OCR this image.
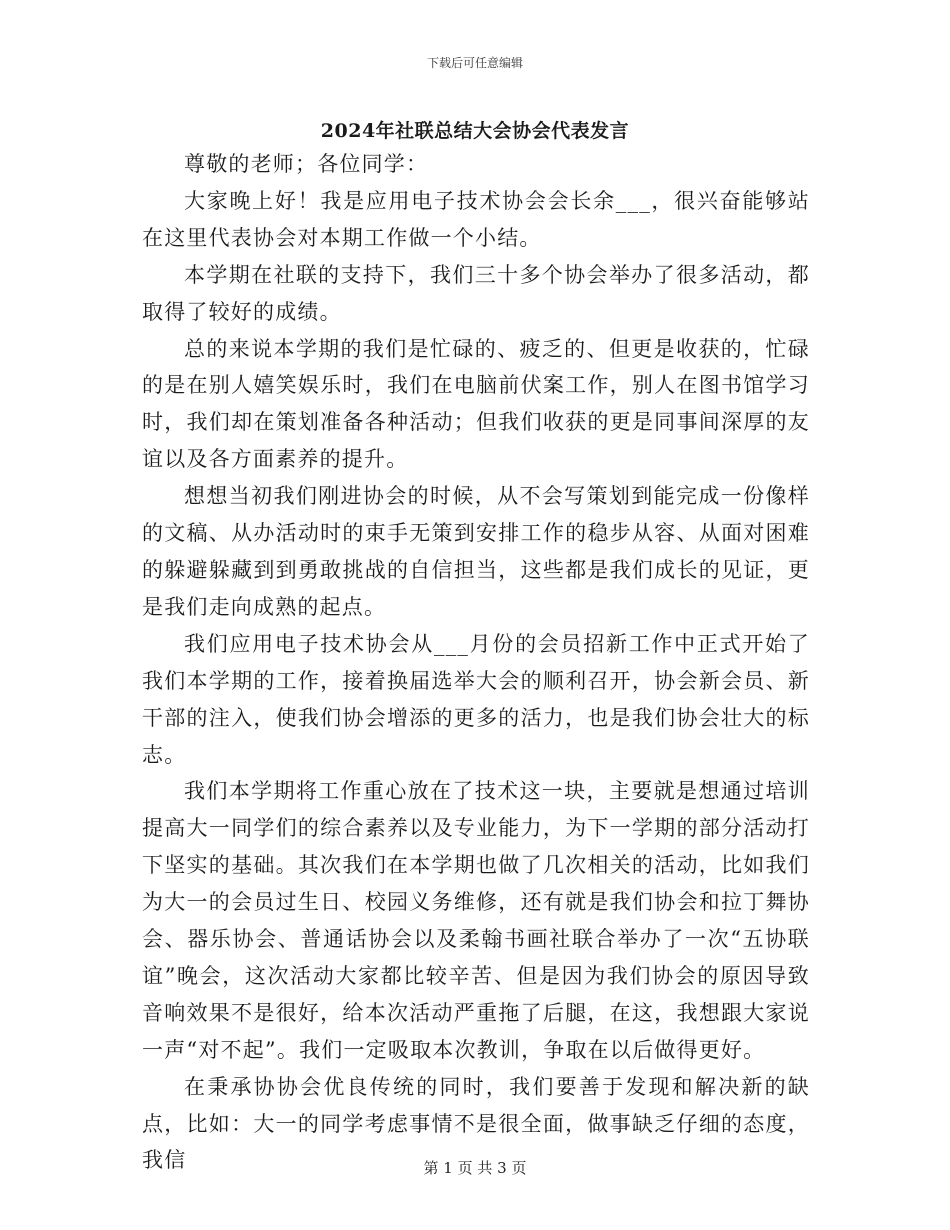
下载后可任意编辑
2024年社联总结大会协会代表发言

尊敬的老师；各位同学：

大家晚上好！我是应用电子技术协会会长余___，很兴奋能够站在这里代表协会对本期工作做一个小结。

本学期在社联的支持下，我们三十多个协会举办了很多活动，都取得了较好的成绩。

总的来说本学期的我们是忙碌的、疲乏的、但更是收获的，忙碌的是在别人嬉笑娱乐时，我们在电脑前伏案工作，别人在图书馆学习时，我们却在策划准备各种活动；但我们收获的更是同事间深厚的友谊以及各方面素养的提升。

想想当初我们刚进协会的时候，从不会写策划到能完成一份像样的文稿、从办活动时的束手无策到安排工作的稳步从容、从面对困难的躲避躲藏到到勇敢挑战的自信担当，这些都是我们成长的见证，更是我们走向成熟的起点。

我们应用电子技术协会从___月份的会员招新工作中正式开始了我们本学期的工作，接着换届选举大会的顺利召开，协会新会员、新干部的注入，使我们协会增添的更多的活力，也是我们协会壮大的标志。

我们本学期将工作重心放在了技术这一块，主要就是想通过培训提高大一同学们的综合素养以及专业能力，为下一学期的部分活动打下坚实的基础。其次我们在本学期也做了几次相关的活动，比如我们为大一的会员过生日、校园义务维修，还有就是我们协会和拉丁舞协会、器乐协会、普通话协会以及柔翰书画社联合举办了一次“五协联谊”晚会，这次活动大家都比较辛苦、但是因为我们协会的原因导致音响效果不是很好，给本次活动严重拖了后腿，在这，我想跟大家说一声“对不起”。我们一定吸取本次教训，争取在以后做得更好。

在秉承协协会优良传统的同时，我们要善于发现和解决新的缺点，比如：大一的同学考虑事情不是很全面，做事缺乏仔细的态度，我信	第 1 页 共 3 页
